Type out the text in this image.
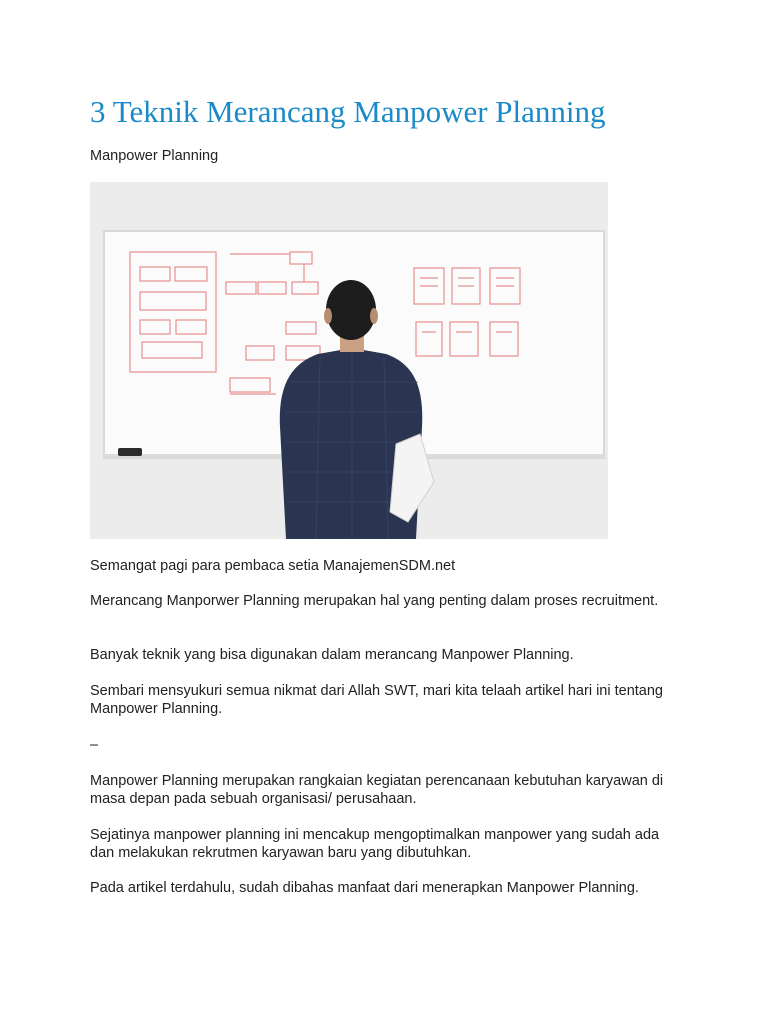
3 Teknik Merancang Manpower Planning

Manpower Planning

Semangat pagi para pembaca setia ManajemenSDM.net

Merancang Manporwer Planning merupakan hal yang penting dalam proses recruitment.

Banyak teknik yang bisa digunakan dalam merancang Manpower Planning.

Sembari mensyukuri semua nikmat dari Allah SWT, mari kita telaah artikel hari ini tentang Manpower Planning.

–

Manpower Planning merupakan rangkaian kegiatan perencanaan kebutuhan karyawan di masa depan pada sebuah organisasi/ perusahaan.

Sejatinya manpower planning ini mencakup mengoptimalkan manpower yang sudah ada dan melakukan rekrutmen karyawan baru yang dibutuhkan.

Pada artikel terdahulu, sudah dibahas manfaat dari menerapkan Manpower Planning.
